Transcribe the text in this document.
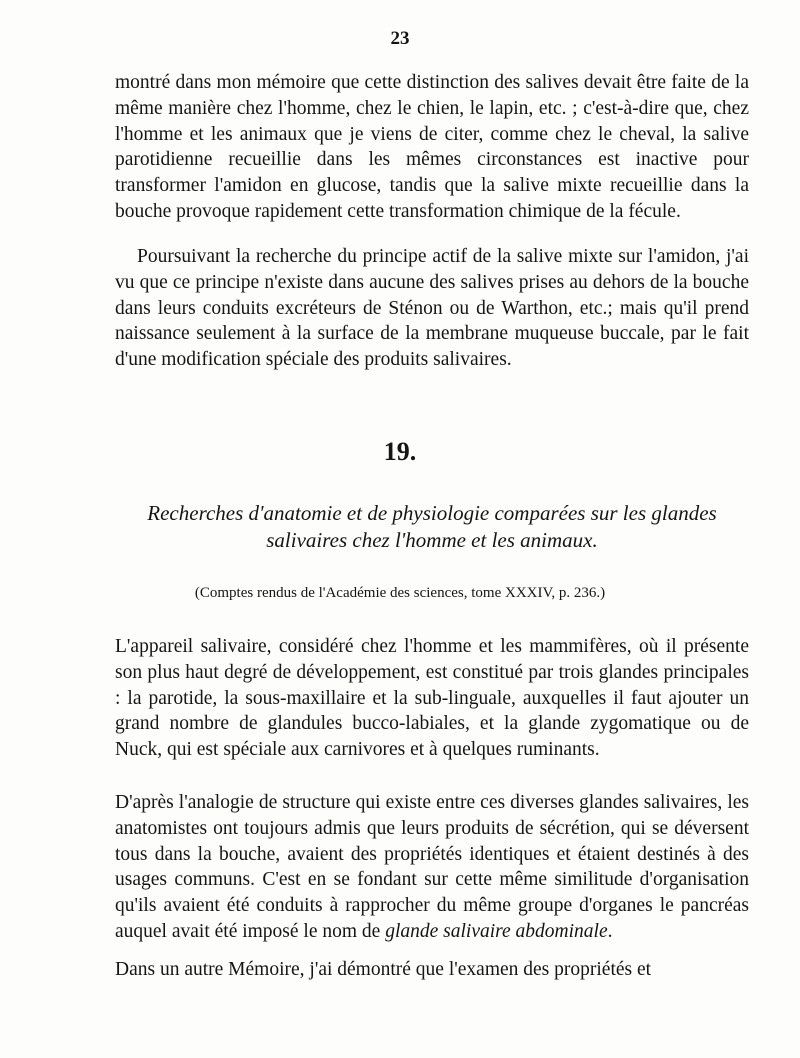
23

montré dans mon mémoire que cette distinction des salives devait être faite de la même manière chez l'homme, chez le chien, le lapin, etc. ; c'est-à-dire que, chez l'homme et les animaux que je viens de citer, comme chez le cheval, la salive parotidienne recueillie dans les mêmes circonstances est inactive pour transformer l'amidon en glucose, tandis que la salive mixte recueillie dans la bouche provoque rapidement cette transformation chimique de la fécule.

Poursuivant la recherche du principe actif de la salive mixte sur l'amidon, j'ai vu que ce principe n'existe dans aucune des salives prises au dehors de la bouche dans leurs conduits excréteurs de Sténon ou de Warthon, etc.; mais qu'il prend naissance seulement à la surface de la membrane muqueuse buccale, par le fait d'une modification spéciale des produits salivaires.

19.
Recherches d'anatomie et de physiologie comparées sur les glandes
salivaires chez l'homme et les animaux.
(Comptes rendus de l'Académie des sciences, tome XXXIV, p. 236.)

L'appareil salivaire, considéré chez l'homme et les mammifères, où il présente son plus haut degré de développement, est constitué par trois glandes principales : la parotide, la sous-maxillaire et la sub-linguale, auxquelles il faut ajouter un grand nombre de glandules bucco-labiales, et la glande zygomatique ou de Nuck, qui est spéciale aux carnivores et à quelques ruminants.

D'après l'analogie de structure qui existe entre ces diverses glandes salivaires, les anatomistes ont toujours admis que leurs produits de sécrétion, qui se déversent tous dans la bouche, avaient des propriétés identiques et étaient destinés à des usages communs. C'est en se fondant sur cette même similitude d'organisation qu'ils avaient été conduits à rapprocher du même groupe d'organes le pancréas auquel avait été imposé le nom de glande salivaire abdominale.

Dans un autre Mémoire, j'ai démontré que l'examen des propriétés et
